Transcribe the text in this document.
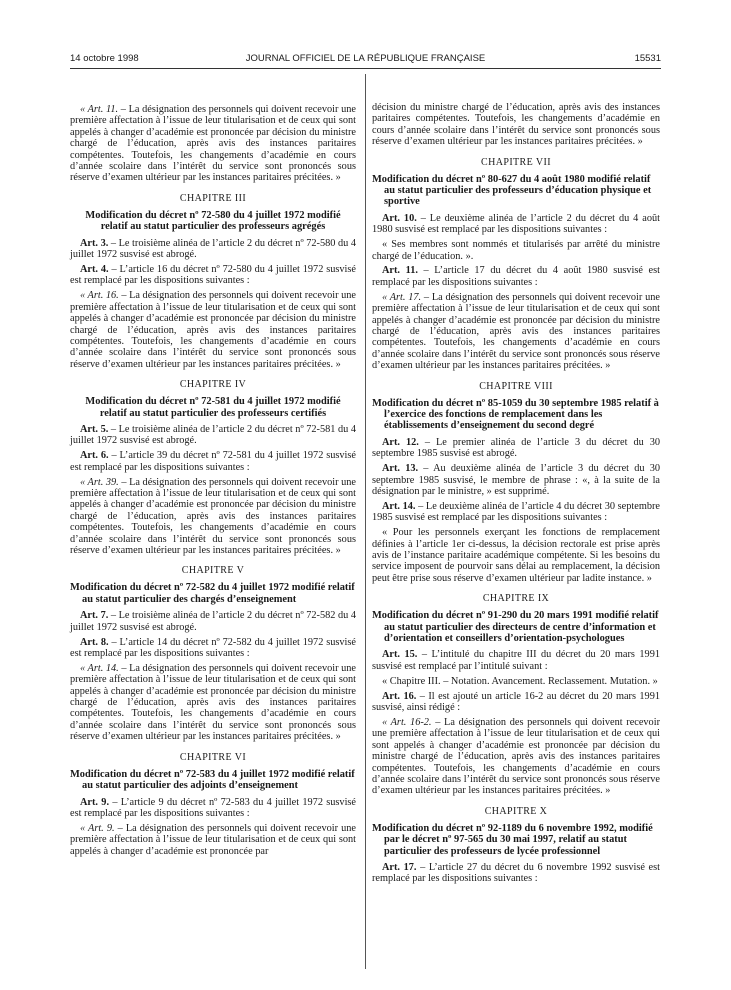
14 octobre 1998	JOURNAL OFFICIEL DE LA RÉPUBLIQUE FRANÇAISE	15531

« Art. 11. – La désignation des personnels qui doivent recevoir une première affectation à l’issue de leur titularisation et de ceux qui sont appelés à changer d’académie est prononcée par décision du ministre chargé de l’éducation, après avis des instances paritaires compétentes. Toutefois, les changements d’académie en cours d’année scolaire dans l’intérêt du service sont prononcés sous réserve d’examen ultérieur par les instances paritaires précitées. »

CHAPITRE III

Modification du décret nº 72-580 du 4 juillet 1972 modifié relatif au statut particulier des professeurs agrégés

Art. 3. – Le troisième alinéa de l’article 2 du décret nº 72-580 du 4 juillet 1972 susvisé est abrogé.

Art. 4. – L’article 16 du décret nº 72-580 du 4 juillet 1972 susvisé est remplacé par les dispositions suivantes :

« Art. 16. – La désignation des personnels qui doivent recevoir une première affectation à l’issue de leur titularisation et de ceux qui sont appelés à changer d’académie est prononcée par décision du ministre chargé de l’éducation, après avis des instances paritaires compétentes. Toutefois, les changements d’académie en cours d’année scolaire dans l’intérêt du service sont prononcés sous réserve d’examen ultérieur par les instances paritaires précitées. »

CHAPITRE IV

Modification du décret nº 72-581 du 4 juillet 1972 modifié relatif au statut particulier des professeurs certifiés

Art. 5. – Le troisième alinéa de l’article 2 du décret nº 72-581 du 4 juillet 1972 susvisé est abrogé.

Art. 6. – L’article 39 du décret nº 72-581 du 4 juillet 1972 susvisé est remplacé par les dispositions suivantes :

« Art. 39. – La désignation des personnels qui doivent recevoir une première affectation à l’issue de leur titularisation et de ceux qui sont appelés à changer d’académie est prononcée par décision du ministre chargé de l’éducation, après avis des instances paritaires compétentes. Toutefois, les changements d’académie en cours d’année scolaire dans l’intérêt du service sont prononcés sous réserve d’examen ultérieur par les instances paritaires précitées. »

CHAPITRE V

Modification du décret nº 72-582 du 4 juillet 1972 modifié relatif au statut particulier des chargés d’enseignement

Art. 7. – Le troisième alinéa de l’article 2 du décret nº 72-582 du 4 juillet 1972 susvisé est abrogé.

Art. 8. – L’article 14 du décret nº 72-582 du 4 juillet 1972 susvisé est remplacé par les dispositions suivantes :

« Art. 14. – La désignation des personnels qui doivent recevoir une première affectation à l’issue de leur titularisation et de ceux qui sont appelés à changer d’académie est prononcée par décision du ministre chargé de l’éducation, après avis des instances paritaires compétentes. Toutefois, les changements d’académie en cours d’année scolaire dans l’intérêt du service sont prononcés sous réserve d’examen ultérieur par les instances paritaires précitées. »

CHAPITRE VI

Modification du décret nº 72-583 du 4 juillet 1972 modifié relatif au statut particulier des adjoints d’enseignement

Art. 9. – L’article 9 du décret nº 72-583 du 4 juillet 1972 susvisé est remplacé par les dispositions suivantes :

« Art. 9. – La désignation des personnels qui doivent recevoir une première affectation à l’issue de leur titularisation et de ceux qui sont appelés à changer d’académie est prononcée par

décision du ministre chargé de l’éducation, après avis des instances paritaires compétentes. Toutefois, les changements d’académie en cours d’année scolaire dans l’intérêt du service sont prononcés sous réserve d’examen ultérieur par les instances paritaires précitées. »

CHAPITRE VII

Modification du décret nº 80-627 du 4 août 1980 modifié relatif au statut particulier des professeurs d’éducation physique et sportive

Art. 10. – Le deuxième alinéa de l’article 2 du décret du 4 août 1980 susvisé est remplacé par les dispositions suivantes :

« Ses membres sont nommés et titularisés par arrêté du ministre chargé de l’éducation. ».

Art. 11. – L’article 17 du décret du 4 août 1980 susvisé est remplacé par les dispositions suivantes :

« Art. 17. – La désignation des personnels qui doivent recevoir une première affectation à l’issue de leur titularisation et de ceux qui sont appelés à changer d’académie est prononcée par décision du ministre chargé de l’éducation, après avis des instances paritaires compétentes. Toutefois, les changements d’académie en cours d’année scolaire dans l’intérêt du service sont prononcés sous réserve d’examen ultérieur par les instances paritaires précitées. »

CHAPITRE VIII

Modification du décret nº 85-1059 du 30 septembre 1985 relatif à l’exercice des fonctions de remplacement dans les établissements d’enseignement du second degré

Art. 12. – Le premier alinéa de l’article 3 du décret du 30 septembre 1985 susvisé est abrogé.

Art. 13. – Au deuxième alinéa de l’article 3 du décret du 30 septembre 1985 susvisé, le membre de phrase : «, à la suite de la désignation par le ministre, » est supprimé.

Art. 14. – Le deuxième alinéa de l’article 4 du décret 30 septembre 1985 susvisé est remplacé par les dispositions suivantes :

« Pour les personnels exerçant les fonctions de remplacement définies à l’article 1er ci-dessus, la décision rectorale est prise après avis de l’instance paritaire académique compétente. Si les besoins du service imposent de pourvoir sans délai au remplacement, la décision peut être prise sous réserve d’examen ultérieur par ladite instance. »

CHAPITRE IX

Modification du décret nº 91-290 du 20 mars 1991 modifié relatif au statut particulier des directeurs de centre d’information et d’orientation et conseillers d’orientation-psychologues

Art. 15. – L’intitulé du chapitre III du décret du 20 mars 1991 susvisé est remplacé par l’intitulé suivant :

« Chapitre III. – Notation. Avancement. Reclassement. Mutation. »

Art. 16. – Il est ajouté un article 16-2 au décret du 20 mars 1991 susvisé, ainsi rédigé :

« Art. 16-2. – La désignation des personnels qui doivent recevoir une première affectation à l’issue de leur titularisation et de ceux qui sont appelés à changer d’académie est prononcée par décision du ministre chargé de l’éducation, après avis des instances paritaires compétentes. Toutefois, les changements d’académie en cours d’année scolaire dans l’intérêt du service sont prononcés sous réserve d’examen ultérieur par les instances paritaires précitées. »

CHAPITRE X

Modification du décret nº 92-1189 du 6 novembre 1992, modifié par le décret nº 97-565 du 30 mai 1997, relatif au statut particulier des professeurs de lycée professionnel

Art. 17. – L’article 27 du décret du 6 novembre 1992 susvisé est remplacé par les dispositions suivantes :
